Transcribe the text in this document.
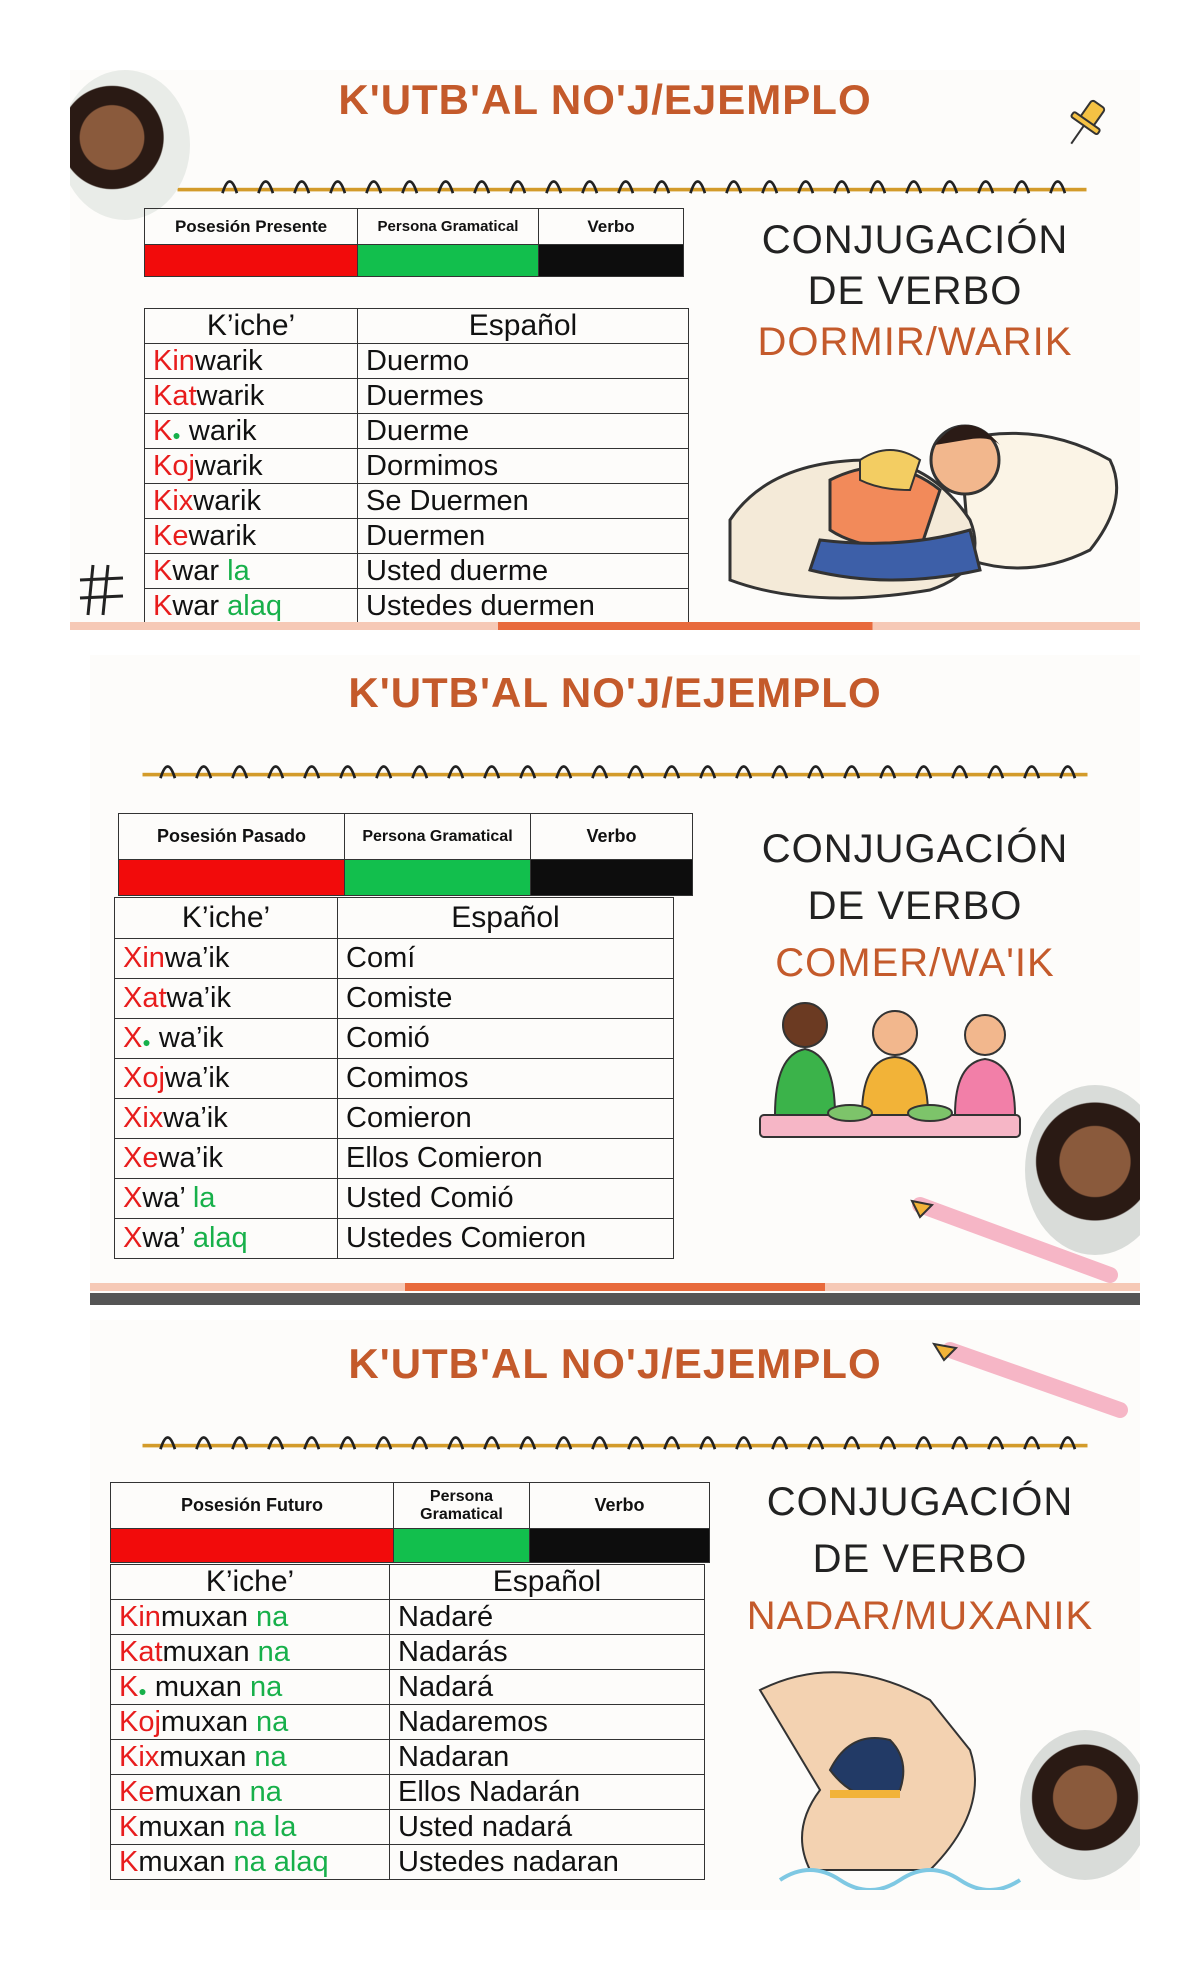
K'UTB'AL NO'J/EJEMPLO
Posesión Presente	Persona Gramatical	Verbo

K’iche’	Español
Kinwarik	Duermo
Katwarik	Duermes
K● warik	Duerme
Kojwarik	Dormimos
Kixwarik	Se Duermen
Kewarik	Duermen
Kwar la	Usted duerme
Kwar alaq	Ustedes duermen
CONJUGACIÓN
DE VERBO
DORMIR/WARIK
K'UTB'AL NO'J/EJEMPLO
Posesión Pasado	Persona Gramatical	Verbo

K’iche’	Español
Xinwa’ik	Comí
Xatwa’ik	Comiste
X● wa’ik	Comió
Xojwa’ik	Comimos
Xixwa’ik	Comieron
Xewa’ik	Ellos Comieron
Xwa’ la	Usted Comió
Xwa’ alaq	Ustedes Comieron
CONJUGACIÓN
DE VERBO
COMER/WA'IK
K'UTB'AL NO'J/EJEMPLO
Posesión Futuro	Persona Gramatical	Verbo

K’iche’	Español
Kinmuxan na	Nadaré
Katmuxan na	Nadarás
K● muxan na	Nadará
Kojmuxan na	Nadaremos
Kixmuxan na	Nadaran
Kemuxan na	Ellos Nadarán
Kmuxan na la	Usted nadará
Kmuxan na alaq	Ustedes nadaran
CONJUGACIÓN
DE VERBO
NADAR/MUXANIK
